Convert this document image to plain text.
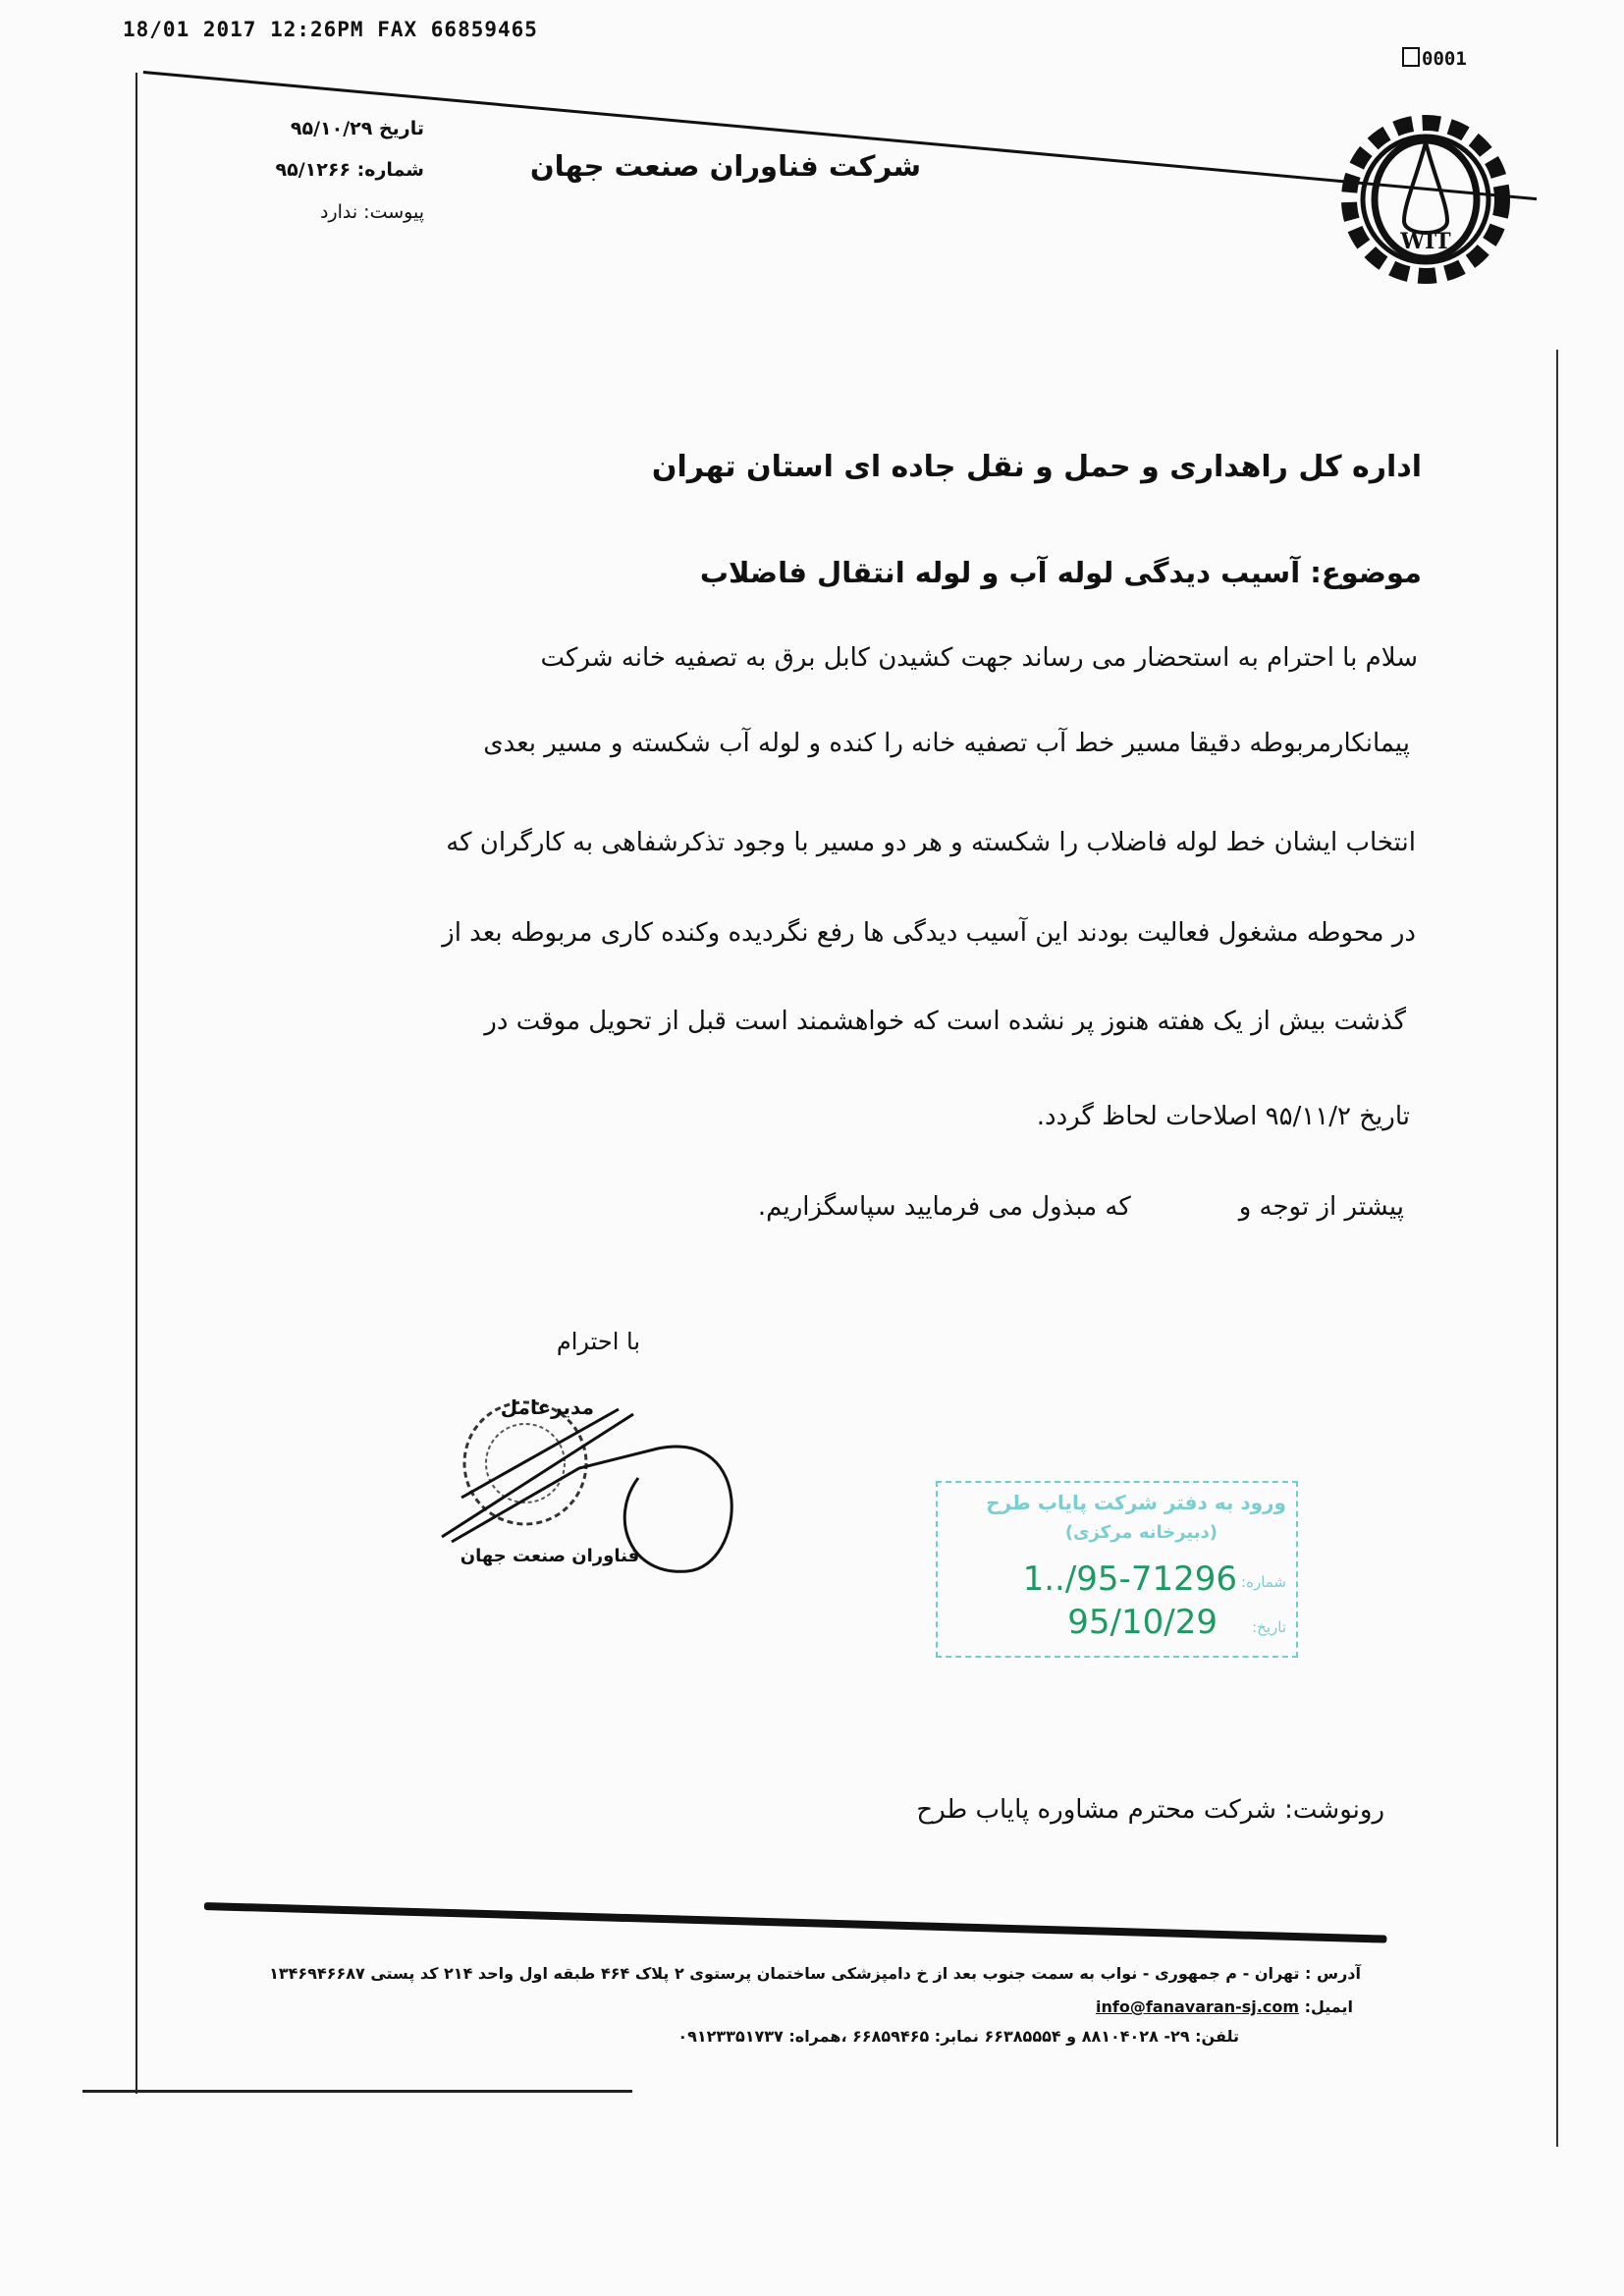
18/01 2017 12:26PM FAX 66859465
0001
شرکت فناوران صنعت جهان
تاریخ ۹۵/۱۰/۲۹
شماره: ۹۵/۱۲۶۶
پیوست: ندارد
WIT
اداره کل راهداری و حمل و نقل جاده ای استان تهران
موضوع: آسیب دیدگی لوله آب و لوله انتقال فاضلاب
سلام با احترام به استحضار می رساند جهت کشیدن کابل برق به تصفیه خانه شرکت
پیمانکارمربوطه دقیقا مسیر خط آب تصفیه خانه را کنده و لوله آب شکسته و مسیر بعدی
انتخاب ایشان خط لوله فاضلاب را شکسته و هر دو مسیر با وجود تذکرشفاهی به کارگران که
در محوطه مشغول فعالیت بودند این آسیب دیدگی ها رفع نگردیده وکنده کاری مربوطه بعد از
گذشت بیش از یک هفته هنوز پر نشده است که خواهشمند است قبل از تحویل موقت در
تاریخ ۹۵/۱۱/۲ اصلاحات لحاظ گردد.
پیشتر از توجه وکه مبذول می فرمایید سپاسگزاریم.
با احترام
مدیرعامل
فناوران صنعت جهان
ورود به دفتر شرکت پایاب طرح
(دبیرخانه مرکزی)
شماره:
تاریخ:
1../95-71296
95/10/29
رونوشت: شرکت محترم مشاوره پایاب طرح
آدرس : تهران - م جمهوری - نواب به سمت جنوب بعد از خ دامپزشکی ساختمان پرستوی ۲ پلاک ۴۶۴ طبقه اول واحد ۲۱۴ کد پستی ۱۳۴۶۹۴۶۶۸۷
ایمیل: info@fanavaran-sj.com
تلفن: ۲۹- ۸۸۱۰۴۰۲۸ و ۶۶۳۸۵۵۵۴ نمابر: ۶۶۸۵۹۴۶۵ ،همراه: ۰۹۱۲۳۳۵۱۷۳۷
